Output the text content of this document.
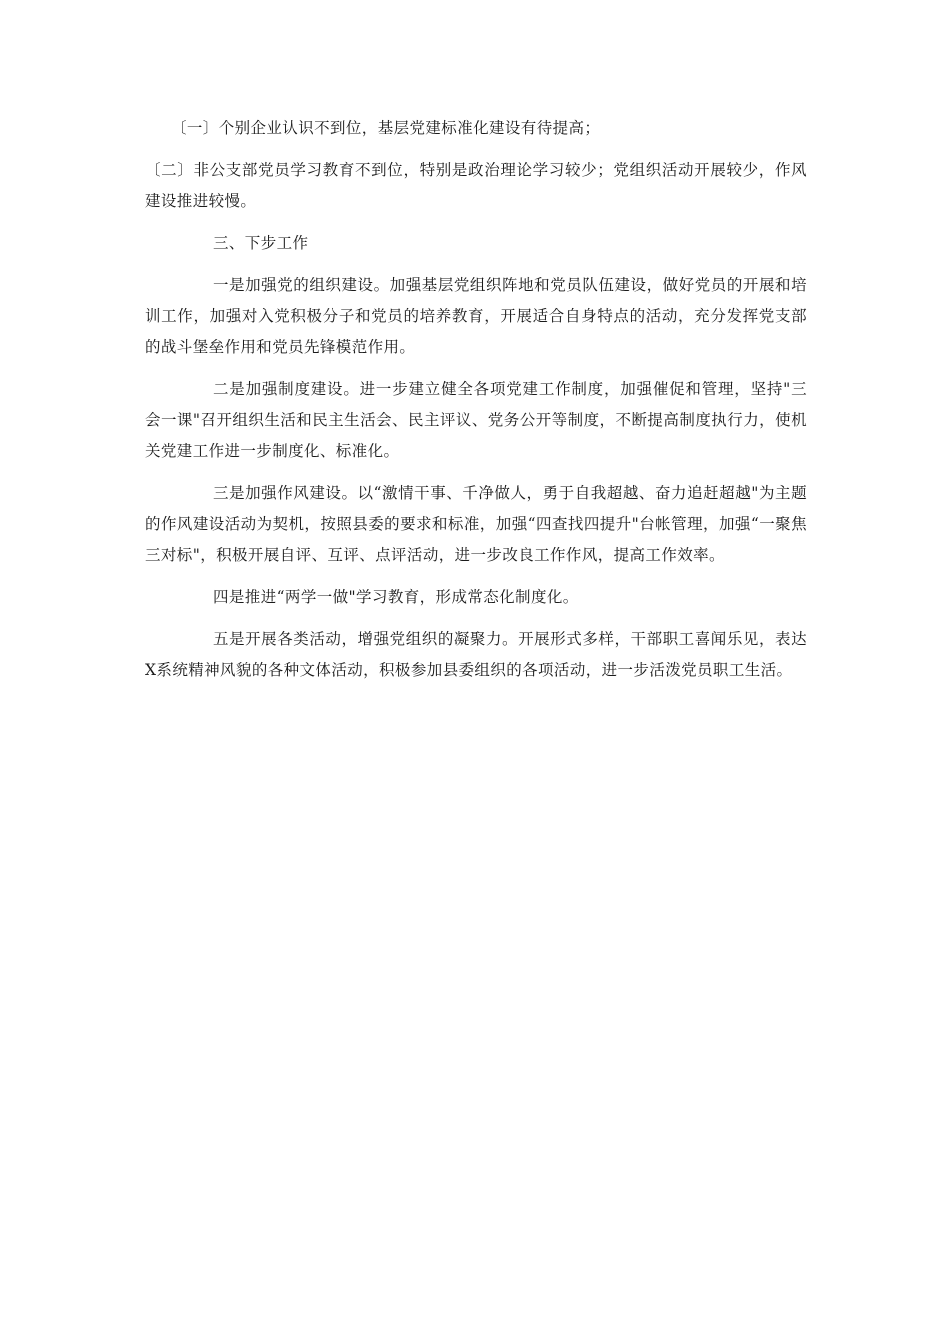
〔一〕个别企业认识不到位，基层党建标准化建设有待提高；

〔二〕非公支部党员学习教育不到位，特别是政治理论学习较少；党组织活动开展较少，作风建设推进较慢。

三、下步工作

一是加强党的组织建设。加强基层党组织阵地和党员队伍建设，做好党员的开展和培训工作，加强对入党积极分子和党员的培养教育，开展适合自身特点的活动，充分发挥党支部的战斗堡垒作用和党员先锋模范作用。

二是加强制度建设。进一步建立健全各项党建工作制度，加强催促和管理，坚持"三会一课"召开组织生活和民主生活会、民主评议、党务公开等制度，不断提高制度执行力，使机关党建工作进一步制度化、标准化。

三是加强作风建设。以“激情干事、千净做人，勇于自我超越、奋力追赶超越"为主题的作风建设活动为契机，按照县委的要求和标准，加强“四查找四提升"台帐管理，加强“一聚焦三对标"，积极开展自评、互评、点评活动，进一步改良工作作风，提高工作效率。

四是推进“两学一做"学习教育，形成常态化制度化。

五是开展各类活动，增强党组织的凝聚力。开展形式多样，干部职工喜闻乐见，表达X系统精神风貌的各种文体活动，积极参加县委组织的各项活动，进一步活泼党员职工生活。
